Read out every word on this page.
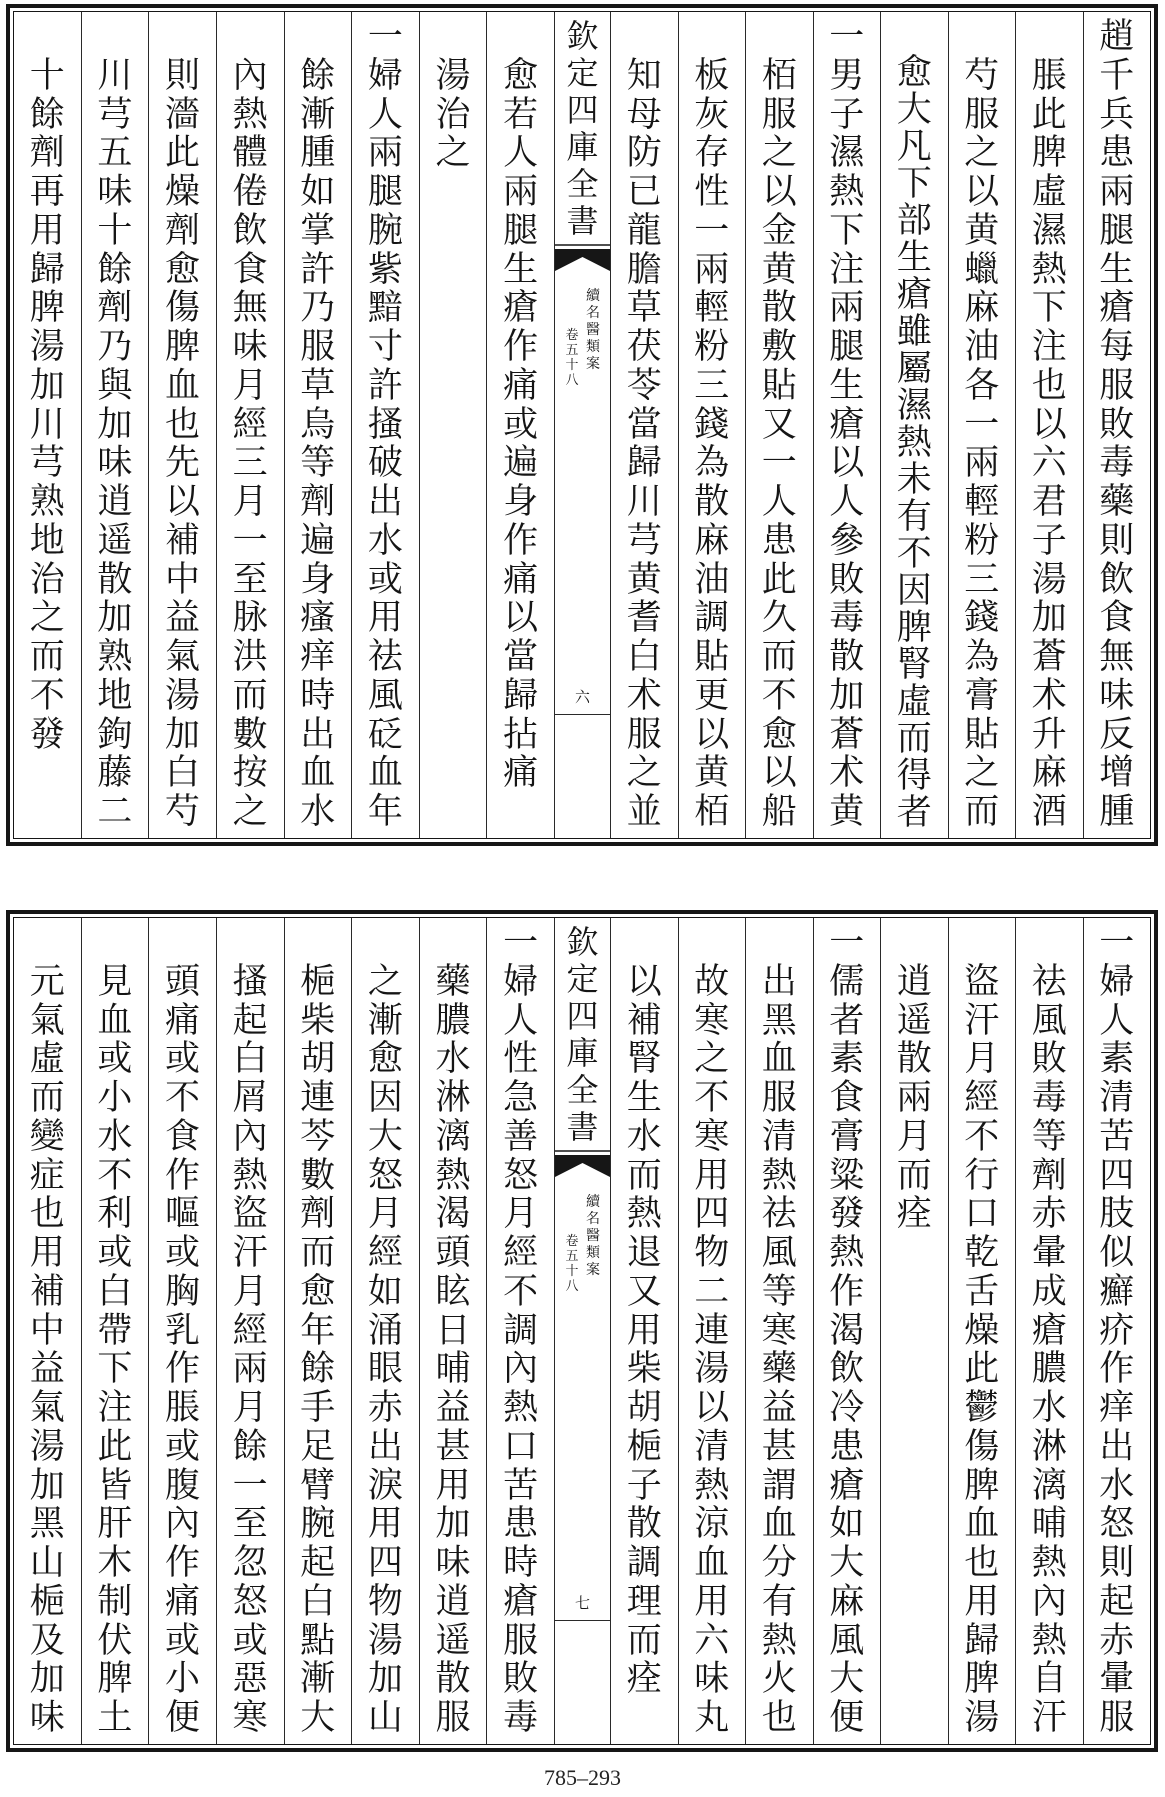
趙
千
兵
患
兩
腿
生
瘡
每
服
敗
毒
藥
則
飲
食
無
味
反
增
腫
脹
此
脾
虛
濕
熱
下
注
也
以
六
君
子
湯
加
蒼
术
升
麻
酒
芍
服
之
以
黄
蠟
麻
油
各
一
兩
輕
粉
三
錢
為
膏
貼
之
而
愈
大
凡
下
部
生
瘡
雖
屬
濕
熱
未
有
不
因
脾
腎
虛
而
得
者
一
男
子
濕
熱
下
注
兩
腿
生
瘡
以
人
參
敗
毒
散
加
蒼
术
黄
栢
服
之
以
金
黄
散
敷
貼
又
一
人
患
此
久
而
不
愈
以
船
板
灰
存
性
一
兩
輕
粉
三
錢
為
散
麻
油
調
貼
更
以
黄
栢
知
母
防
已
龍
膽
草
茯
苓
當
歸
川
芎
黄
耆
白
术
服
之
並
欽
定
四
庫
全
書
續
名
醫
類
案
卷
五
十
八
六
愈
若
人
兩
腿
生
瘡
作
痛
或
遍
身
作
痛
以
當
歸
拈
痛
湯
治
之
一
婦
人
兩
腿
腕
紫
黯
寸
許
搔
破
出
水
或
用
祛
風
砭
血
年
餘
漸
腫
如
掌
許
乃
服
草
烏
等
劑
遍
身
瘙
痒
時
出
血
水
內
熱
體
倦
飲
食
無
味
月
經
三
月
一
至
脉
洪
而
數
按
之
則
濇
此
燥
劑
愈
傷
脾
血
也
先
以
補
中
益
氣
湯
加
白
芍
川
芎
五
味
十
餘
劑
乃
與
加
味
逍
遥
散
加
熟
地
鉤
藤
二
十
餘
劑
再
用
歸
脾
湯
加
川
芎
熟
地
治
之
而
不
發
一
婦
人
素
清
苦
四
肢
似
癬
疥
作
痒
出
水
怒
則
起
赤
暈
服
祛
風
敗
毒
等
劑
赤
暈
成
瘡
膿
水
淋
漓
晡
熱
內
熱
自
汗
盜
汗
月
經
不
行
口
乾
舌
燥
此
鬱
傷
脾
血
也
用
歸
脾
湯
逍
遥
散
兩
月
而
痊
一
儒
者
素
食
膏
粱
發
熱
作
渴
飲
冷
患
瘡
如
大
麻
風
大
便
出
黑
血
服
清
熱
祛
風
等
寒
藥
益
甚
謂
血
分
有
熱
火
也
故
寒
之
不
寒
用
四
物
二
連
湯
以
清
熱
涼
血
用
六
味
丸
以
補
腎
生
水
而
熱
退
又
用
柴
胡
梔
子
散
調
理
而
痊
欽
定
四
庫
全
書
續
名
醫
類
案
卷
五
十
八
七
一
婦
人
性
急
善
怒
月
經
不
調
內
熱
口
苦
患
時
瘡
服
敗
毒
藥
膿
水
淋
漓
熱
渴
頭
眩
日
晡
益
甚
用
加
味
逍
遥
散
服
之
漸
愈
因
大
怒
月
經
如
涌
眼
赤
出
淚
用
四
物
湯
加
山
梔
柴
胡
連
芩
數
劑
而
愈
年
餘
手
足
臂
腕
起
白
點
漸
大
搔
起
白
屑
內
熱
盜
汗
月
經
兩
月
餘
一
至
忽
怒
或
惡
寒
頭
痛
或
不
食
作
嘔
或
胸
乳
作
脹
或
腹
內
作
痛
或
小
便
見
血
或
小
水
不
利
或
白
帶
下
注
此
皆
肝
木
制
伏
脾
土
元
氣
虛
而
變
症
也
用
補
中
益
氣
湯
加
黑
山
梔
及
加
味
785–293
